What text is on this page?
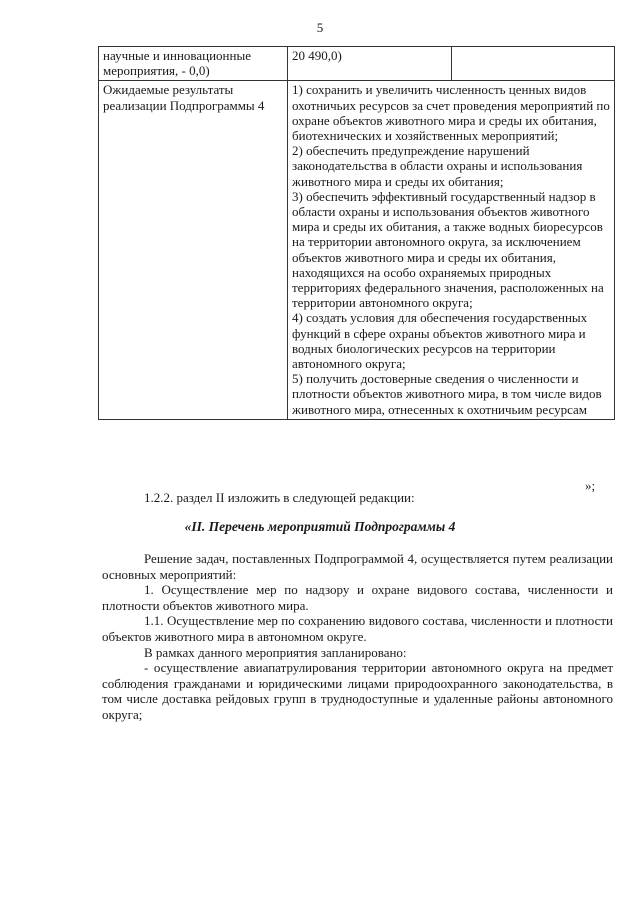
5
научные и инновационные мероприятия, - 0,0)	20 490,0)	
Ожидаемые результаты реализации Подпрограммы 4	1) сохранить и увеличить численность ценных видов охотничьих ресурсов за счет проведения мероприятий по охране объектов животного мира и среды их обитания, биотехнических и хозяйственных мероприятий;
2) обеспечить предупреждение нарушений законодательства в области охраны и использования животного мира и среды их обитания;
3) обеспечить эффективный государственный надзор в области охраны и использования объектов животного мира и среды их обитания, а также водных биоресурсов на территории автономного округа, за исключением объектов животного мира и среды их обитания, находящихся на особо охраняемых природных территориях федерального значения, расположенных на территории автономного округа;
4) создать условия для обеспечения государственных функций в сфере охраны объектов животного мира и водных биологических ресурсов на территории автономного округа;
5) получить достоверные сведения о численности и плотности объектов животного мира, в том числе видов животного мира, отнесенных к охотничьим ресурсам	
»;
1.2.2. раздел II изложить в следующей редакции:
«II. Перечень мероприятий Подпрограммы 4

Решение задач, поставленных Подпрограммой 4, осуществляется путем реализации основных мероприятий:

1. Осуществление мер по надзору и охране видового состава, численности и плотности объектов животного мира.

1.1. Осуществление мер по сохранению видового состава, численности и плотности объектов животного мира в автономном округе.

В рамках данного мероприятия запланировано:

- осуществление авиапатрулирования территории автономного округа на предмет соблюдения гражданами и юридическими лицами природоохранного законодательства, в том числе доставка рейдовых групп в труднодоступные и удаленные районы автономного округа;
